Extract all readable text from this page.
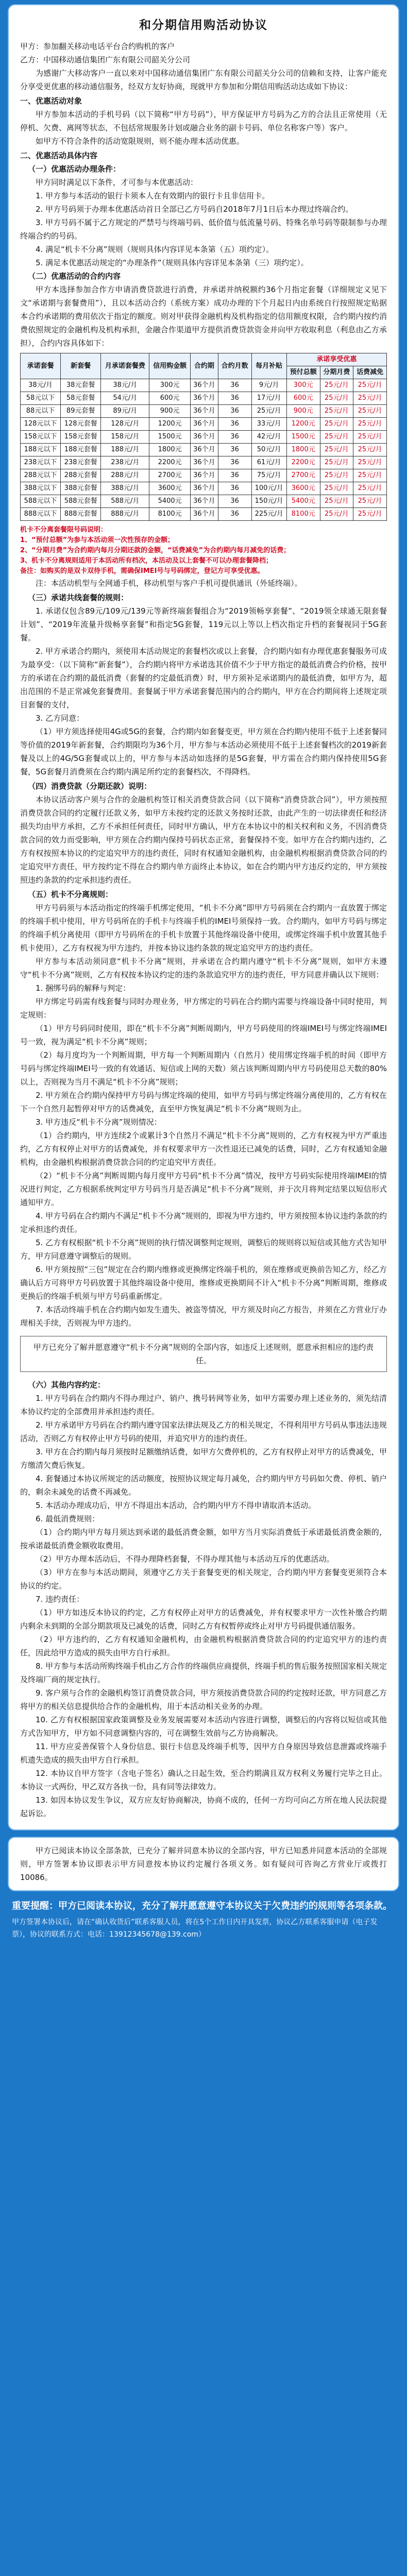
和分期信用购活动协议

甲方：参加翻关移动电话平台合约购机的客户

乙方：中国移动通信集团广东有限公司韶关分公司

为感谢广大移动客户一直以来对中国移动通信集团广东有限公司韶关分公司的信赖和支持，让客户能充分享受更优惠的移动通信服务，经双方友好协商，现就甲方参加和分期信用购活动达成如下协议：

一、优惠活动对象

甲方参加本活动的手机号码（以下简称“甲方号码”），甲方保证甲方号码为乙方的合法且正常使用（无停机、欠费、离网等状态，不包括常规服务计划或融合业务的副卡号码、单位名称客户等）客户。

如甲方不符合条件的活动宽限规则，则不能办理本活动优惠。

二、优惠活动具体内容

（一）优惠活动办理条件：

甲方同时满足以下条件，才可参与本优惠活动：

1. 甲方参与本活动的银行卡须本人在有效期内的银行卡且非信用卡。

2. 甲方号码须于办理本优惠活动首日全部已乙方号码自2018年7月1日后本办理过终端合约。

3. 甲方号码不属于乙方规定的严禁号与终端号码、低价值与低流量号码、特殊名单号码等限制参与办理终端合约的号码。

4. 满足“机卡不分离”规则（规则具体内容详见本条第（五）项约定）。

5. 满足本优惠活动规定的“办理条件”（规则具体内容详见本条第（三）项约定）。

（二）优惠活动的合约内容

甲方本选择参加合作方申请消费贷款进行消费，并承诺并纳税额约36个月指定套餐（详细规定义见下文“承诺期与套餐费用”），且以本活动合约（系统方案）成功办理的下个月起日内由系统自行按照规定贴据本合约承诺期的费用依次于指定的额度。则对甲获得金融机构及机构指定的信用额度权限，合约期内按约消费依照规定的金融机构及机构承担，金融合作渠道甲方提供消费贷款资金并向甲方收取利息（利息由乙方承担），合约内容具体如下：

承诺套餐	新套餐	月承诺套餐费	信用购金额	合约期	合约月数	每月补贴	承诺享受优惠		
							预付总额	分期月费	话费减免
38元/月	38元套餐	38元/月	300元	36个月	36	9元/月	300元	25元/月	25元/月
58元以下	58元套餐	54元/月	600元	36个月	36	17元/月	600元	25元/月	25元/月
88元以下	89元套餐	89元/月	900元	36个月	36	25元/月	900元	25元/月	25元/月
128元以下	128元套餐	128元/月	1200元	36个月	36	33元/月	1200元	25元/月	25元/月
158元以下	158元套餐	158元/月	1500元	36个月	36	42元/月	1500元	25元/月	25元/月
188元以下	188元套餐	188元/月	1800元	36个月	36	50元/月	1800元	25元/月	25元/月
238元以下	238元套餐	238元/月	2200元	36个月	36	61元/月	2200元	25元/月	25元/月
288元以下	288元套餐	288元/月	2700元	36个月	36	75元/月	2700元	25元/月	25元/月
388元以下	388元套餐	388元/月	3600元	36个月	36	100元/月	3600元	25元/月	25元/月
588元以下	588元套餐	588元/月	5400元	36个月	36	150元/月	5400元	25元/月	25元/月
888元以下	888元套餐	888元/月	8100元	36个月	36	225元/月	8100元	25元/月	25元/月
机卡不分离套餐限号码说明：
1、“预付总额”为参与本活动须一次性预存的金额；
2、“分期月费”为合约期内每月分期还款的金额，“话费减免”为合约期内每月减免的话费；
3、机卡不分离规则适用于本活动所有档次，本活动及以上套餐不可以办理套餐降档；
备注：如购买的是双卡双待手机，需确保IMEI号与号码绑定，登记方可享受优惠。

注：本活动机型与全网通手机，移动机型与客户手机可提供通讯（外延终端）。

（三）承诺共线套餐的规则：

1. 承诺仅包含89元/109元/139元等新终端套餐组合为“2019领畅享套餐”、“2019领全球通无限套餐计划”、“2019年流量升级畅享套餐”和指定5G套餐，119元以上等以上档次指定升档的套餐视同于5G套餐。

2. 甲方承诺合约期内，须使用本活动规定的套餐档次或以上套餐，合约期内如有办理优惠套餐服务可成为最享受：（以下简称“新套餐”），合约期内将甲方承诺选其价值不少于甲方指定的最低消费合约价格，按甲方的承诺在合约期的最低消费（套餐的约定最低消费）时，甲方须补足承诺期内的最低消费，如甲方为，超出范围的不是正常减免套餐费用。套餐属于甲方承诺套餐范围内的合约期内，甲方在合约期间将上述规定项目套餐的支付，

3. 乙方同意：

（1）甲方须选择使用4G或5G的套餐，合约期内如套餐变更，甲方须在合约期内使用不低于上述套餐同等价值的2019年新套餐，合约期限均为36个月，甲方参与本活动必须使用不低于上述套餐档次的2019新套餐及以上的4G/5G套餐或以上的，甲方参与本活动如选择的是5G套餐，甲方需在合约期内保持使用5G套餐，5G套餐月消费须在合约期内满足所约定的套餐档次，不得降档。

（四）消费贷款（分期还款）说明：

本协议活动客户须与合作的金融机构签订相关消费贷款合同（以下简称“消费贷款合同”），甲方须按照消费贷款合同的约定履行还款义务，如甲方未按约定的还款义务按时还款，由此产生的一切法律责任和经济损失均由甲方承担，乙方不承担任何责任，同时甲方确认，甲方在本协议中的相关权利和义务，不因消费贷款合同的效力而受影响，甲方须在合约期内保持号码状态正常，套餐保持不变。如甲方在合约期内违约，乙方有权按照本协议的约定追究甲方的违约责任，同时有权通知金融机构，由金融机构根据消费贷款合同的约定追究甲方责任，甲方按约定不得在合约期内单方面终止本协议，如在合约期内甲方违反约定的，甲方须按照违约条款的约定承担违约责任。

（五）机卡不分离规则：

甲方号码须与本活动指定的终端手机绑定使用，“机卡不分离”即甲方号码须在合约期内一直放置于绑定的终端手机中使用，甲方号码所在的手机卡与终端手机的IMEI号须保持一致。合约期内，如甲方号码与绑定的终端手机分离使用（即甲方号码所在的手机卡放置于其他终端设备中使用，或绑定终端手机中放置其他手机卡使用），乙方有权视为甲方违约，并按本协议违约条款的规定追究甲方的违约责任。

甲方参与本活动须同意“机卡不分离”规则，并承诺在合约期内遵守“机卡不分离”规则，如甲方未遵守“机卡不分离”规则，乙方有权按本协议约定的违约条款追究甲方的违约责任，甲方同意并确认以下规则：

1. 捆绑号码的解释与判定：

甲方绑定号码需有线套餐与同时办理业务，甲方绑定的号码在合约期内需要与终端设备中同时使用，判定规则：

（1）甲方号码同时使用，即在“机卡不分离”判断周期内，甲方号码使用的终端IMEI号与绑定终端IMEI号一致，视为满足“机卡不分离”规则；

（2）每月度均为一个判断周期，甲方每一个判断周期内（自然月）使用绑定终端手机的时间（即甲方号码与绑定终端IMEI号一致的有效通话、短信或上网的天数）须占该判断周期内甲方号码使用总天数的80%以上，否则视为当月不满足“机卡不分离”规则；

2. 甲方须在合约期内保持甲方号码与绑定终端的使用，如甲方号码与绑定终端分离使用的，乙方有权在下一个自然月起暂停对甲方的话费减免，直至甲方恢复满足“机卡不分离”规则为止。

3. 甲方违反“机卡不分离”规则情况：

（1）合约期内，甲方连续2个或累计3个自然月不满足“机卡不分离”规则的，乙方有权视为甲方严重违约，乙方有权停止对甲方的话费减免，并有权要求甲方一次性退还已减免的话费，同时，乙方有权通知金融机构，由金融机构根据消费贷款合同的约定追究甲方责任。

（2）“机卡不分离”判断周期内每月度甲方号码“机卡不分离”情况，按甲方号码实际使用终端IMEI的情况进行判定，乙方根据系统判定甲方号码当月是否满足“机卡不分离”规则，并于次月将判定结果以短信形式通知甲方。

4. 甲方号码在合约期内不满足“机卡不分离”规则的，即视为甲方违约，甲方须按照本协议违约条款的约定承担违约责任。

5. 乙方有权根据“机卡不分离”规则的执行情况调整判定规则，调整后的规则将以短信或其他方式告知甲方，甲方同意遵守调整后的规则。

6. 甲方须按照“三包”规定在合约期内维修或更换绑定终端手机的，须在维修或更换前告知乙方，经乙方确认后方可将甲方号码放置于其他终端设备中使用，维修或更换期间不计入“机卡不分离”判断周期，维修或更换后的终端手机须与甲方号码重新绑定。

7. 本活动终端手机在合约期内如发生遗失、被盗等情况，甲方须及时向乙方报告，并须在乙方营业厅办理相关手续，否则视为甲方违约。

甲方已充分了解并愿意遵守“机卡不分离”规则的全部内容，如违反上述规则，愿意承担相应的违约责任。

（六）其他内容约定：

1. 甲方号码在合约期内不得办理过户、销户、携号转网等业务，如甲方需要办理上述业务的，须先结清本协议约定的全部费用并承担违约责任。

2. 甲方承诺甲方号码在合约期内遵守国家法律法规及乙方的相关规定，不得利用甲方号码从事违法违规活动，否则乙方有权停止甲方号码的使用，并追究甲方的违约责任。

3. 甲方在合约期内每月须按时足额缴纳话费，如甲方欠费停机的，乙方有权停止对甲方的话费减免，甲方缴清欠费后恢复。

4. 套餐通过本协议所规定的活动额度，按照协议规定每月减免，合约期内甲方号码如欠费、停机、销户的，剩余未减免的话费不再减免。

5. 本活动办理成功后，甲方不得退出本活动，合约期内甲方不得申请取消本活动。

6. 最低消费规则：

（1）合约期内甲方每月须达到承诺的最低消费金额，如甲方当月实际消费低于承诺最低消费金额的，按承诺最低消费金额收取费用。

（2）甲方办理本活动后，不得办理降档套餐，不得办理其他与本活动互斥的优惠活动。

（3）甲方在参与本活动期间，须遵守乙方关于套餐变更的相关规定，合约期内甲方套餐变更须符合本协议的约定。

7. 违约责任：

（1）甲方如违反本协议的约定，乙方有权停止对甲方的话费减免，并有权要求甲方一次性补缴合约期内剩余未到期的全部分期款项及已减免的话费，同时乙方有权暂停或终止对甲方号码提供通信服务。

（2）甲方违约的，乙方有权通知金融机构，由金融机构根据消费贷款合同的约定追究甲方的违约责任，因此给甲方造成的损失由甲方自行承担。

8. 甲方参与本活动所购终端手机由乙方合作的终端供应商提供，终端手机的售后服务按照国家相关规定及终端厂商的规定执行。

9. 客户须与合作的金融机构签订消费贷款合同，甲方须按消费贷款合同的约定按时还款，甲方同意乙方将甲方的相关信息提供给合作的金融机构，用于本活动相关业务的办理。

10. 乙方有权根据国家政策调整及业务发展需要对本活动内容进行调整，调整后的内容将以短信或其他方式告知甲方，甲方如不同意调整内容的，可在调整生效前与乙方协商解决。

11. 甲方应妥善保管个人身份信息、银行卡信息及终端手机等，因甲方自身原因导致信息泄露或终端手机遗失造成的损失由甲方自行承担。

12. 本协议自甲方签字（含电子签名）确认之日起生效，至合约期满且双方权利义务履行完毕之日止。本协议一式两份，甲乙双方各执一份，具有同等法律效力。

13. 如因本协议发生争议，双方应友好协商解决，协商不成的，任何一方均可向乙方所在地人民法院提起诉讼。

甲方已阅读本协议全部条款，已充分了解并同意本协议的全部内容，甲方已知悉并同意本活动的全部规则，甲方签署本协议即表示甲方同意按本协议约定履行各项义务。如有疑问可咨询乙方营业厅或拨打10086。

重要提醒：甲方已阅读本协议，充分了解并愿意遵守本协议关于欠费违约的规则等各项条款。
甲方签署本协议后，请在“确认收货后”联系客服人员，将在5个工作日内开具发票，协议乙方联系客服申请（电子发票），协议的联系方式：电话：13912345678@139.com）
